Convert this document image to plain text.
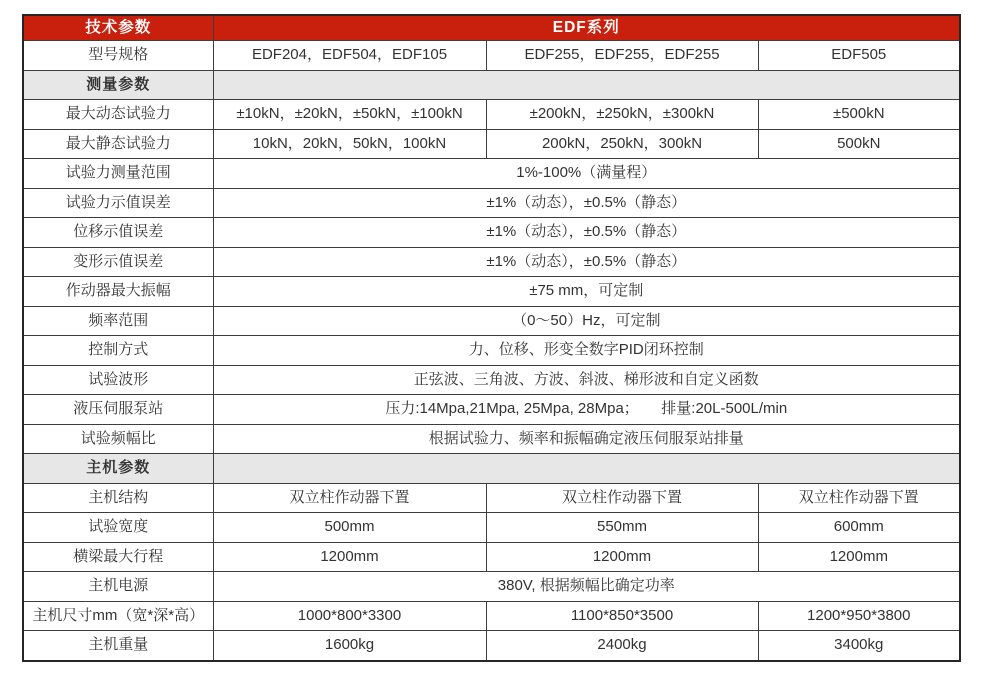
技术参数	EDF系列		
型号规格	EDF204，EDF504，EDF105	EDF255，EDF255，EDF255	EDF505
测量参数			
最大动态试验力	±10kN，±20kN，±50kN，±100kN	±200kN，±250kN，±300kN	±500kN
最大静态试验力	10kN，20kN，50kN，100kN	200kN，250kN，300kN	500kN
试验力测量范围	1%-100%（满量程）		
试验力示值误差	±1%（动态），±0.5%（静态）		
位移示值误差	±1%（动态），±0.5%（静态）		
变形示值误差	±1%（动态），±0.5%（静态）		
作动器最大振幅	±75 mm，可定制		
频率范围	（0～50）Hz，可定制		
控制方式	力、位移、形变全数字PID闭环控制		
试验波形	正弦波、三角波、方波、斜波、梯形波和自定义函数		
液压伺服泵站	压力:14Mpa,21Mpa, 25Mpa, 28Mpa；　　排量:20L-500L/min		
试验频幅比	根据试验力、频率和振幅确定液压伺服泵站排量		
主机参数			
主机结构	双立柱作动器下置	双立柱作动器下置	双立柱作动器下置
试验宽度	500mm	550mm	600mm
横梁最大行程	1200mm	1200mm	1200mm
主机电源	380V, 根据频幅比确定功率		
主机尺寸mm（宽*深*高）	1000*800*3300	1100*850*3500	1200*950*3800
主机重量	1600kg	2400kg	3400kg
